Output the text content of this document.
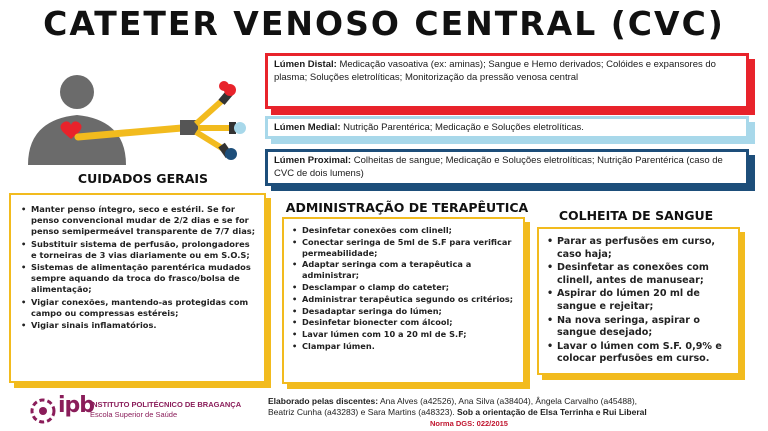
CATETER VENOSO CENTRAL (CVC)
Lúmen Distal: Medicação vasoativa (ex: aminas); Sangue e Hemo derivados; Colóides e expansores do plasma; Soluções eletrolíticas; Monitorização da pressão venosa central
Lúmen Medial: Nutrição Parentérica; Medicação e Soluções eletrolíticas.
Lúmen Proximal: Colheitas de sangue; Medicação e Soluções eletrolíticas; Nutrição Parentérica (caso de CVC de dois lumens)
CUIDADOS GERAIS
• Manter penso íntegro, seco e estéril. Se for penso convencional mudar de 2/2 dias e se for penso semipermeável transparente de 7/7 dias;
• Substituir sistema de perfusão, prolongadores e torneiras de 3 vias diariamente ou em S.O.S;
• Sistemas de alimentação parentérica mudados sempre aquando da troca do frasco/bolsa de alimentação;
• Vigiar conexões, mantendo-as protegidas com campo ou compressas estéreis;
• Vigiar sinais inflamatórios.
ADMINISTRAÇÃO DE TERAPÊUTICA
• Desinfetar conexões com clinell;
• Conectar seringa de 5ml de S.F para verificar permeabilidade;
• Adaptar seringa com a terapêutica a administrar;
• Desclampar o clamp do cateter;
• Administrar terapêutica segundo os critérios;
• Desadaptar seringa do lúmen;
• Desinfetar bionecter com álcool;
• Lavar lúmen com 10 a 20 ml de S.F;
• Clampar lúmen.
COLHEITA DE SANGUE
• Parar as perfusões em curso, caso haja;
• Desinfetar as conexões com clinell, antes de manusear;
• Aspirar do lúmen 20 ml de sangue e rejeitar;
• Na nova seringa, aspirar o sangue desejado;
• Lavar o lúmen com S.F. 0,9% e colocar perfusões em curso.
ipb
INSTITUTO POLITÉCNICO DE BRAGANÇA
Escola Superior de Saúde
Elaborado pelas discentes: Ana Alves (a42526), Ana Silva (a38404), Ângela Carvalho (a45488),
Beatriz Cunha (a43283) e Sara Martins (a48323). Sob a orientação de Elsa Terrinha e Rui Liberal
Norma DGS: 022/2015
